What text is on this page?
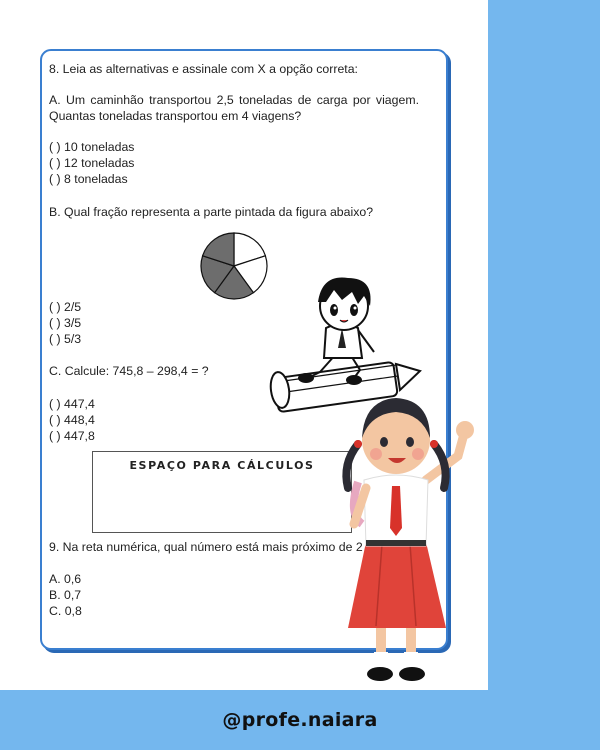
8. Leia as alternativas e assinale com X a opção correta:
A. Um caminhão transportou 2,5 toneladas de carga por viagem. Quantas toneladas transportou em 4 viagens?
( ) 10 toneladas
( ) 12 toneladas
( ) 8 toneladas
B. Qual fração representa a parte pintada da figura abaixo?
( ) 2/5
( ) 3/5
( ) 5/3
C. Calcule: 745,8 – 298,4 = ?
( ) 447,4
( ) 448,4
( ) 447,8
ESPAÇO PARA CÁLCULOS
9. Na reta numérica, qual número está mais próximo de 2
A. 0,6
B. 0,7
C. 0,8
@profe.naiara
